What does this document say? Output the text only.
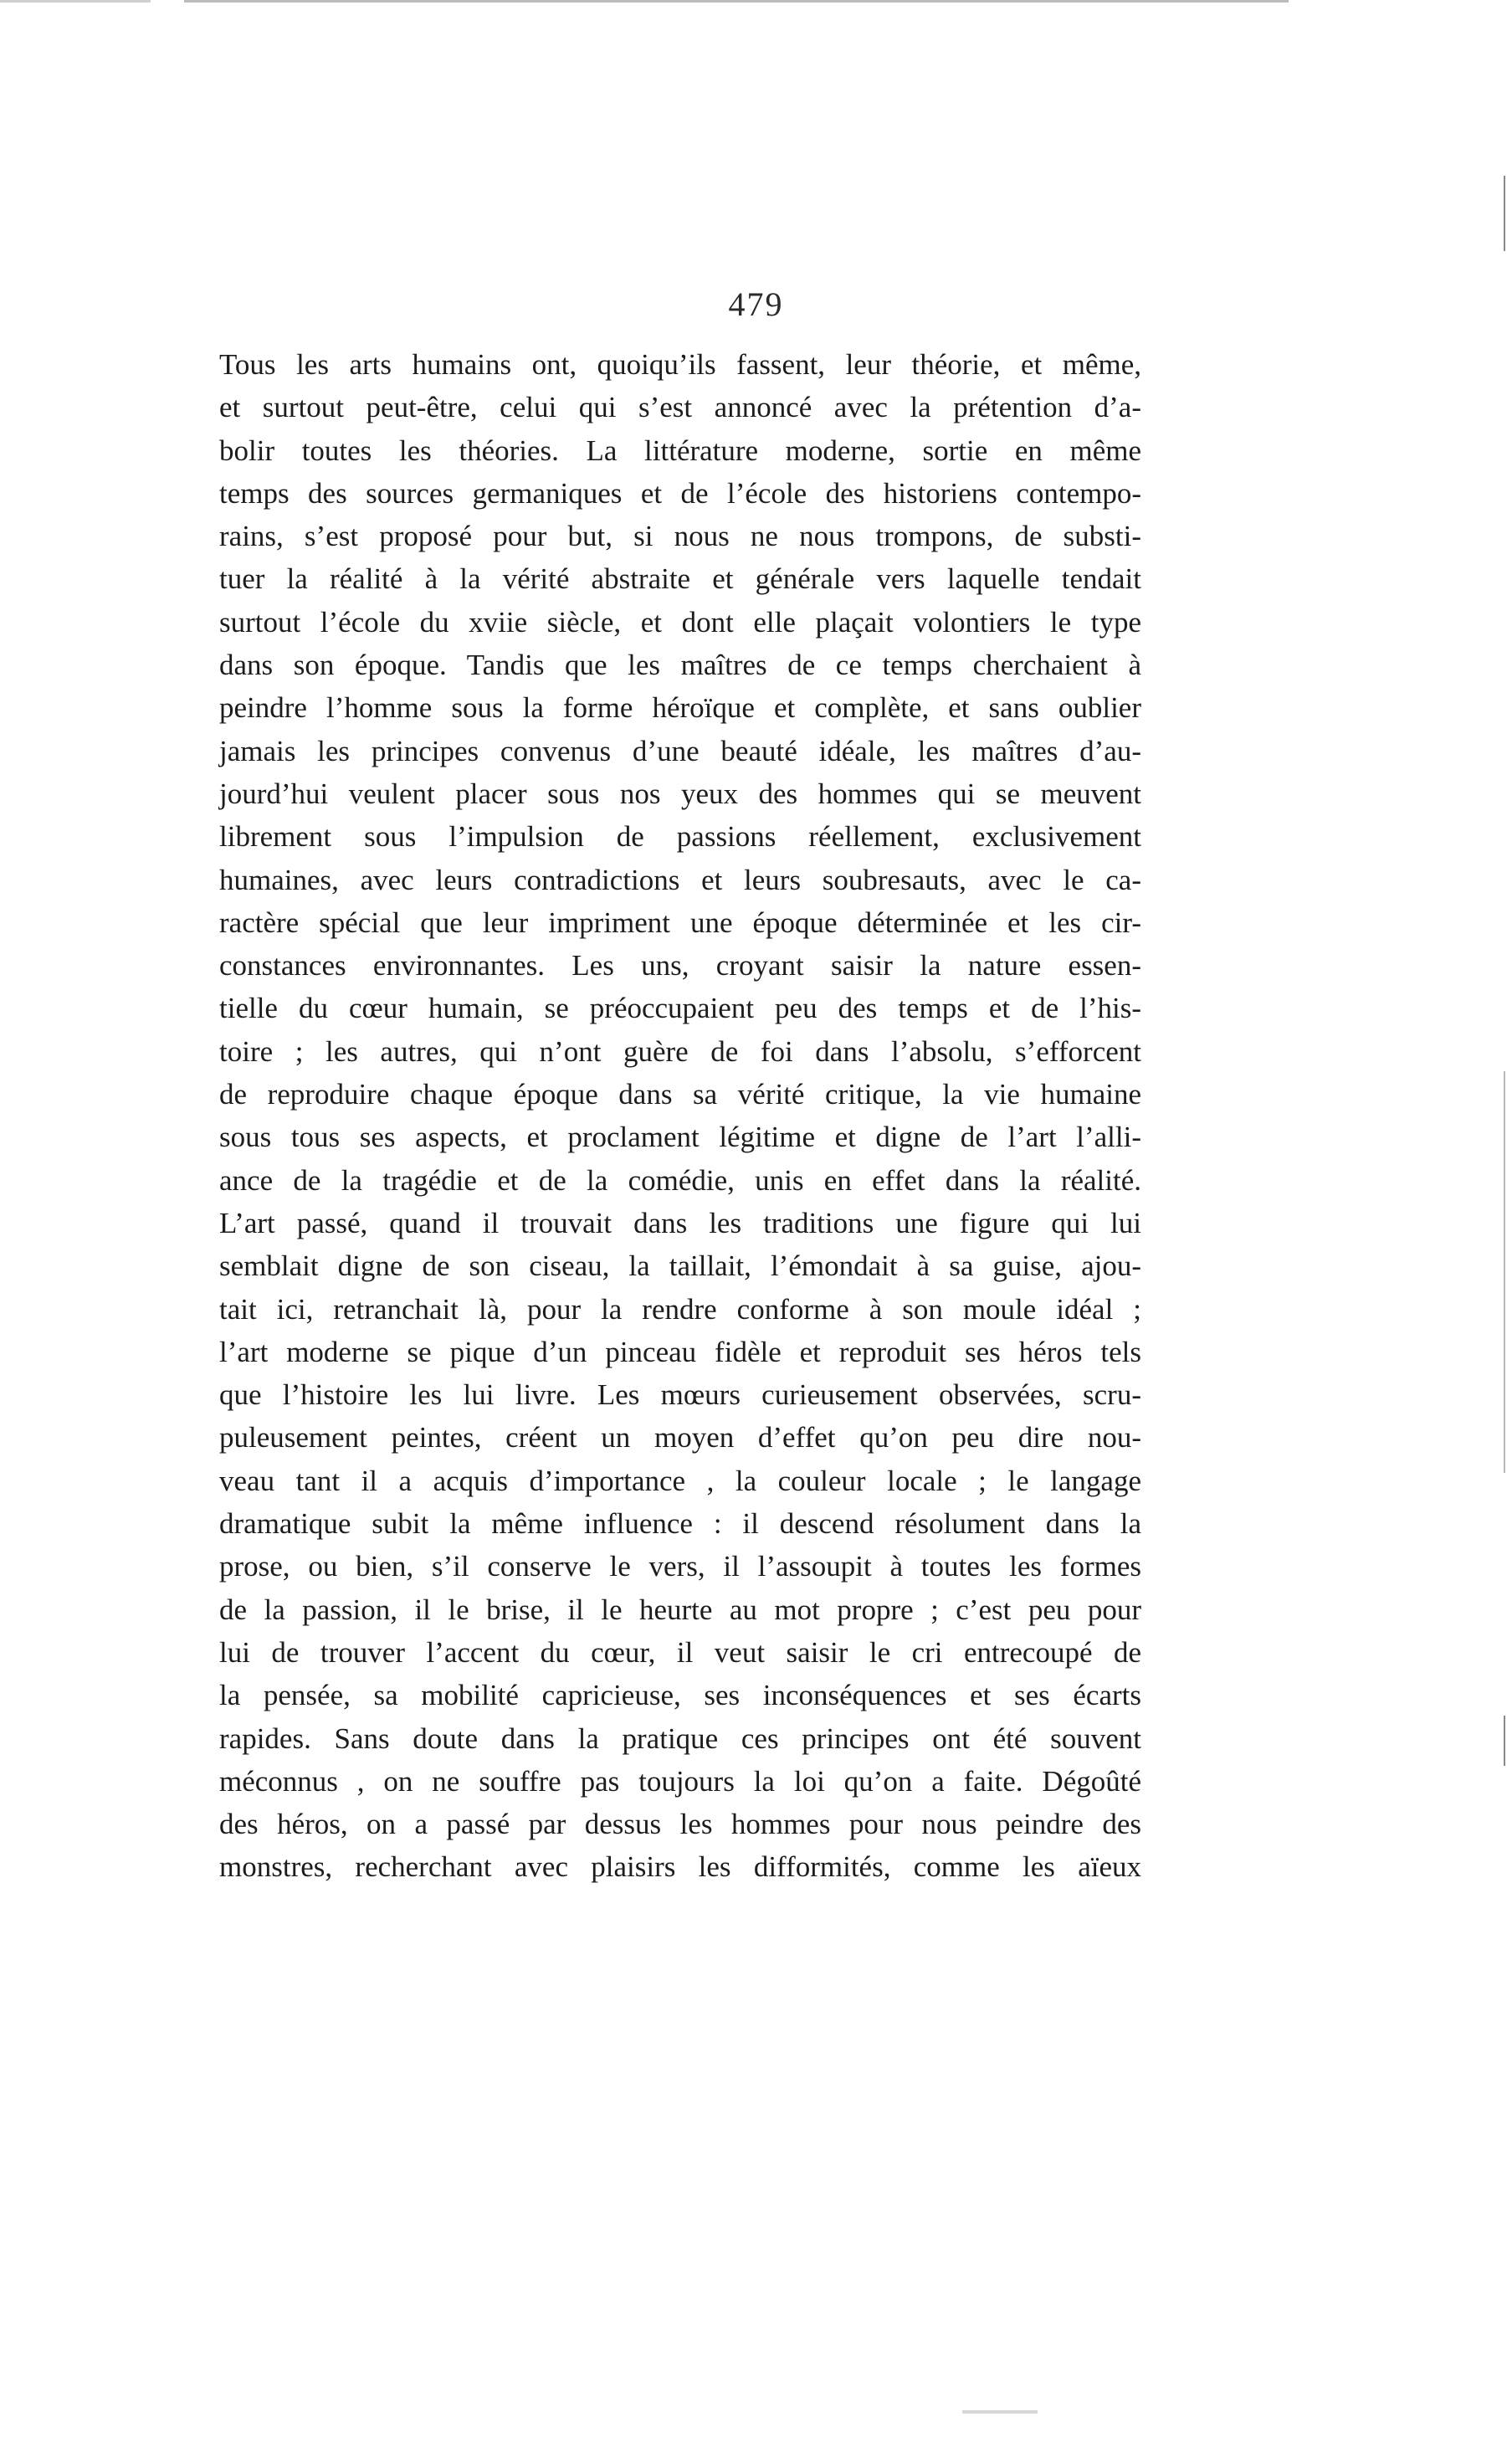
479
Tous les arts humains ont, quoiqu’ils fassent, leur théorie, et même,
et surtout peut-être, celui qui s’est annoncé avec la prétention d’a-
bolir toutes les théories. La littérature moderne, sortie en même
temps des sources germaniques et de l’école des historiens contempo-
rains, s’est proposé pour but, si nous ne nous trompons, de substi-
tuer la réalité à la vérité abstraite et générale vers laquelle tendait
surtout l’école du xviie siècle, et dont elle plaçait volontiers le type
dans son époque. Tandis que les maîtres de ce temps cherchaient à
peindre l’homme sous la forme héroïque et complète, et sans oublier
jamais les principes convenus d’une beauté idéale, les maîtres d’au-
jourd’hui veulent placer sous nos yeux des hommes qui se meuvent
librement sous l’impulsion de passions réellement, exclusivement
humaines, avec leurs contradictions et leurs soubresauts, avec le ca-
ractère spécial que leur impriment une époque déterminée et les cir-
constances environnantes. Les uns, croyant saisir la nature essen-
tielle du cœur humain, se préoccupaient peu des temps et de l’his-
toire ; les autres, qui n’ont guère de foi dans l’absolu, s’efforcent
de reproduire chaque époque dans sa vérité critique, la vie humaine
sous tous ses aspects, et proclament légitime et digne de l’art l’alli-
ance de la tragédie et de la comédie, unis en effet dans la réalité.
L’art passé, quand il trouvait dans les traditions une figure qui lui
semblait digne de son ciseau, la taillait, l’émondait à sa guise, ajou-
tait ici, retranchait là, pour la rendre conforme à son moule idéal ;
l’art moderne se pique d’un pinceau fidèle et reproduit ses héros tels
que l’histoire les lui livre. Les mœurs curieusement observées, scru-
puleusement peintes, créent un moyen d’effet qu’on peu dire nou-
veau tant il a acquis d’importance , la couleur locale ; le langage
dramatique subit la même influence : il descend résolument dans la
prose, ou bien, s’il conserve le vers, il l’assoupit à toutes les formes
de la passion, il le brise, il le heurte au mot propre ; c’est peu pour
lui de trouver l’accent du cœur, il veut saisir le cri entrecoupé de
la pensée, sa mobilité capricieuse, ses inconséquences et ses écarts
rapides. Sans doute dans la pratique ces principes ont été souvent
méconnus , on ne souffre pas toujours la loi qu’on a faite. Dégoûté
des héros, on a passé par dessus les hommes pour nous peindre des
monstres, recherchant avec plaisirs les difformités, comme les aïeux
